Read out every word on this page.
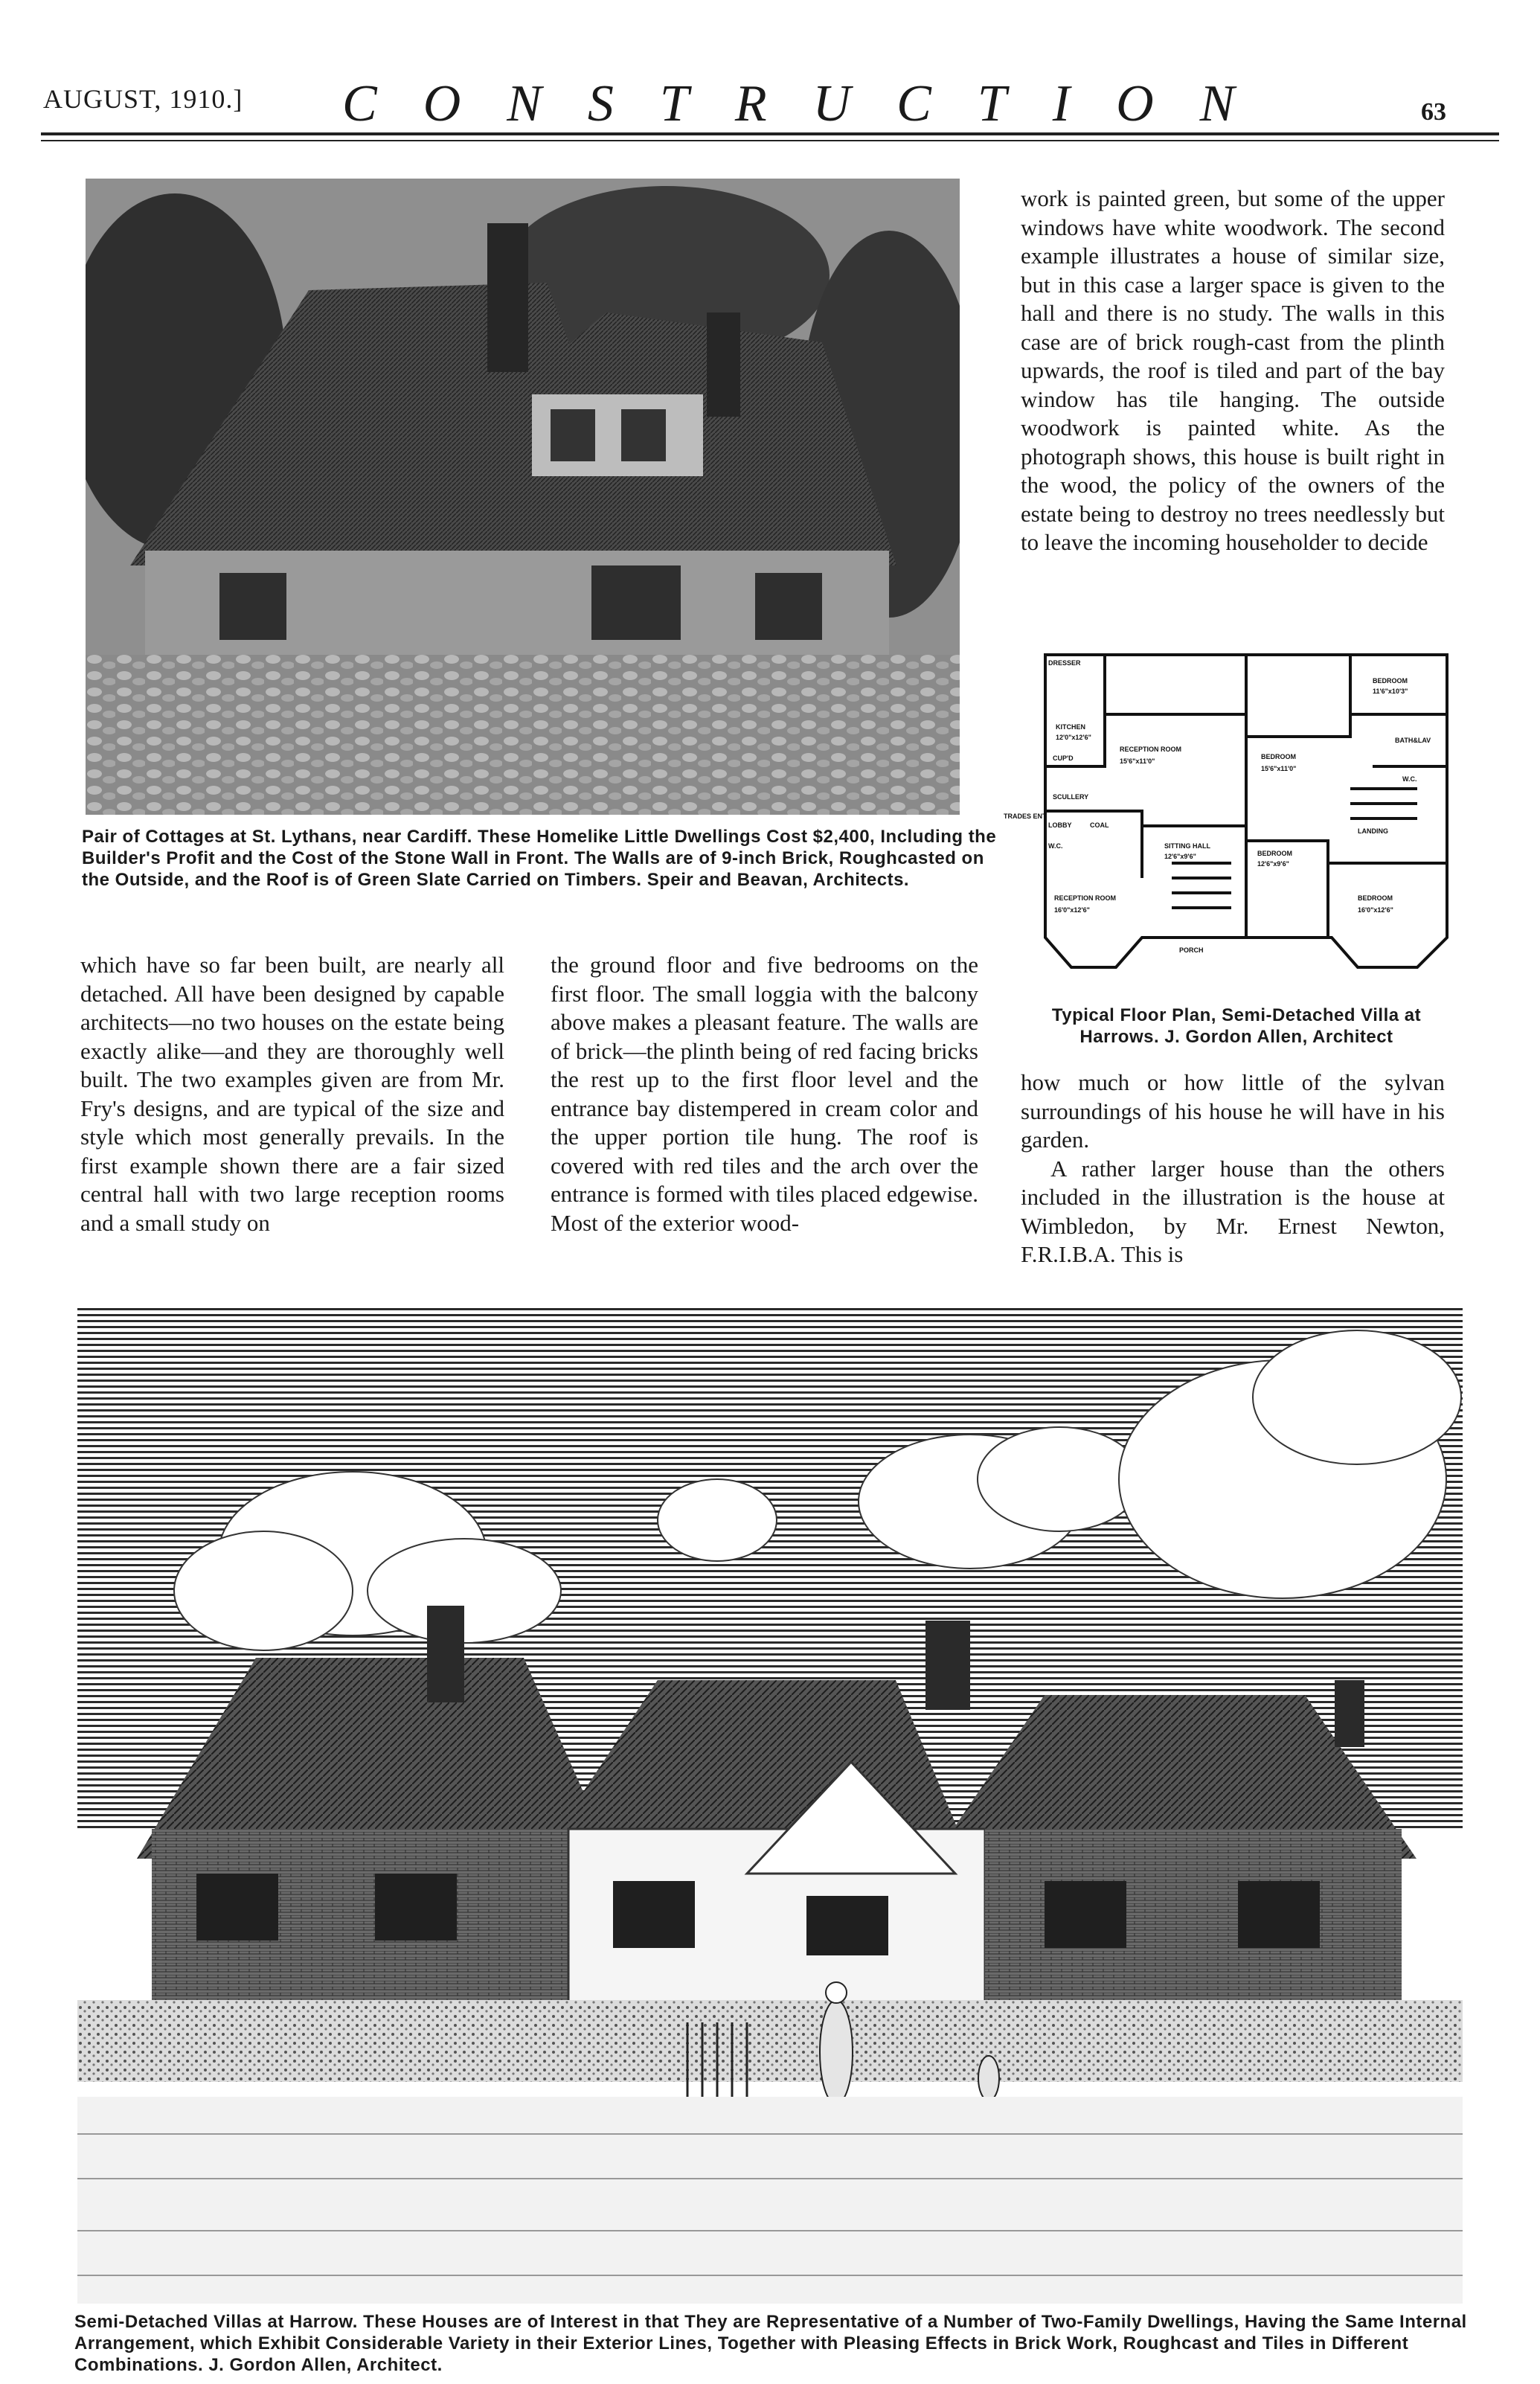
AUGUST, 1910.] CONSTRUCTION	63
Pair of Cottages at St. Lythans, near Cardiff. These Homelike Little Dwellings Cost $2,400, Including the Builder's Profit and the Cost of the Stone Wall in Front. The Walls are of 9-inch Brick, Roughcasted on the Outside, and the Roof is of Green Slate Carried on Timbers. Speir and Beavan, Architects.

work is painted green, but some of the upper windows have white woodwork. The second example illustrates a house of similar size, but in this case a larger space is given to the hall and there is no study. The walls in this case are of brick rough-cast from the plinth upwards, the roof is tiled and part of the bay window has tile hanging. The outside woodwork is painted white. As the photograph shows, this house is built right in the wood, the policy of the owners of the estate being to destroy no trees needlessly but to leave the incoming householder to decide

DRESSER
KITCHEN
12'0"x12'6"
CUP'D
SCULLERY
RECEPTION ROOM
15'6"x11'0"
BEDROOM
15'6"x11'0"
BEDROOM
11'6"x10'3"
BATH&LAV
W.C.
LANDING
SITTING HALL
12'6"x9'6"	BEDROOM
12'6"x9'6"
RECEPTION ROOM
16'0"x12'6"
BEDROOM
16'0"x12'6"
PORCH
TRADES ENT
LOBBY	COAL
W.C.
Typical Floor Plan, Semi-Detached Villa at Harrows. J. Gordon Allen, Architect

which have so far been built, are nearly all detached. All have been designed by capable architects—no two houses on the estate being exactly alike—and they are thoroughly well built. The two examples given are from Mr. Fry's designs, and are typical of the size and style which most generally prevails. In the first example shown there are a fair sized central hall with two large reception rooms and a small study on

the ground floor and five bedrooms on the first floor. The small loggia with the balcony above makes a pleasant feature. The walls are of brick—the plinth being of red facing bricks the rest up to the first floor level and the entrance bay distempered in cream color and the upper portion tile hung. The roof is covered with red tiles and the arch over the entrance is formed with tiles placed edgewise. Most of the exterior wood-

how much or how little of the sylvan surroundings of his house he will have in his garden.

A rather larger house than the others included in the illustration is the house at Wimbledon, by Mr. Ernest Newton, F.R.I.B.A. This is

Semi-Detached Villas at Harrow. These Houses are of Interest in that They are Representative of a Number of Two-Family Dwellings, Having the Same Internal Arrangement, which Exhibit Considerable Variety in their Exterior Lines, Together with Pleasing Effects in Brick Work, Roughcast and Tiles in Different Combinations. J. Gordon Allen, Architect.
